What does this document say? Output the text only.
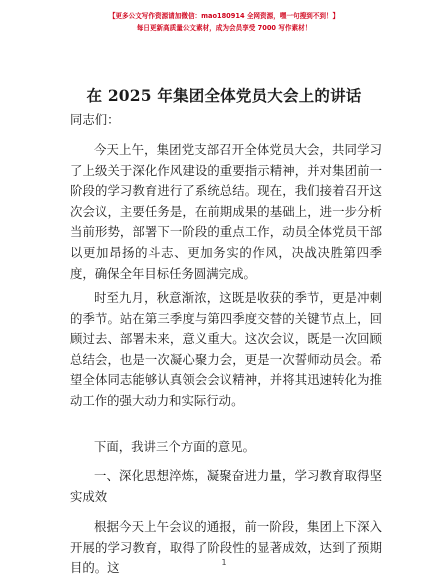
【更多公文写作资源请加微信：mao180914 全网资源，嘿一句搜到不到！】
每日更新高质量公文素材，成为会员享受 7000 写作素材！
在 2025 年集团全体党员大会上的讲话
同志们：
今天上午，集团党支部召开全体党员大会，共同学习了上级关于深化作风建设的重要指示精神，并对集团前一阶段的学习教育进行了系统总结。现在，我们接着召开这次会议，主要任务是，在前期成果的基础上，进一步分析当前形势，部署下一阶段的重点工作，动员全体党员干部以更加昂扬的斗志、更加务实的作风，决战决胜第四季度，确保全年目标任务圆满完成。
时至九月，秋意渐浓，这既是收获的季节，更是冲刺的季节。站在第三季度与第四季度交替的关键节点上，回顾过去、部署未来，意义重大。这次会议，既是一次回顾总结会，也是一次凝心聚力会，更是一次誓师动员会。希望全体同志能够认真领会会议精神，并将其迅速转化为推动工作的强大动力和实际行动。
下面，我讲三个方面的意见。
一、深化思想淬炼，凝聚奋进力量，学习教育取得坚实成效
根据今天上午会议的通报，前一阶段，集团上下深入开展的学习教育，取得了阶段性的显著成效，达到了预期目的。这	1
